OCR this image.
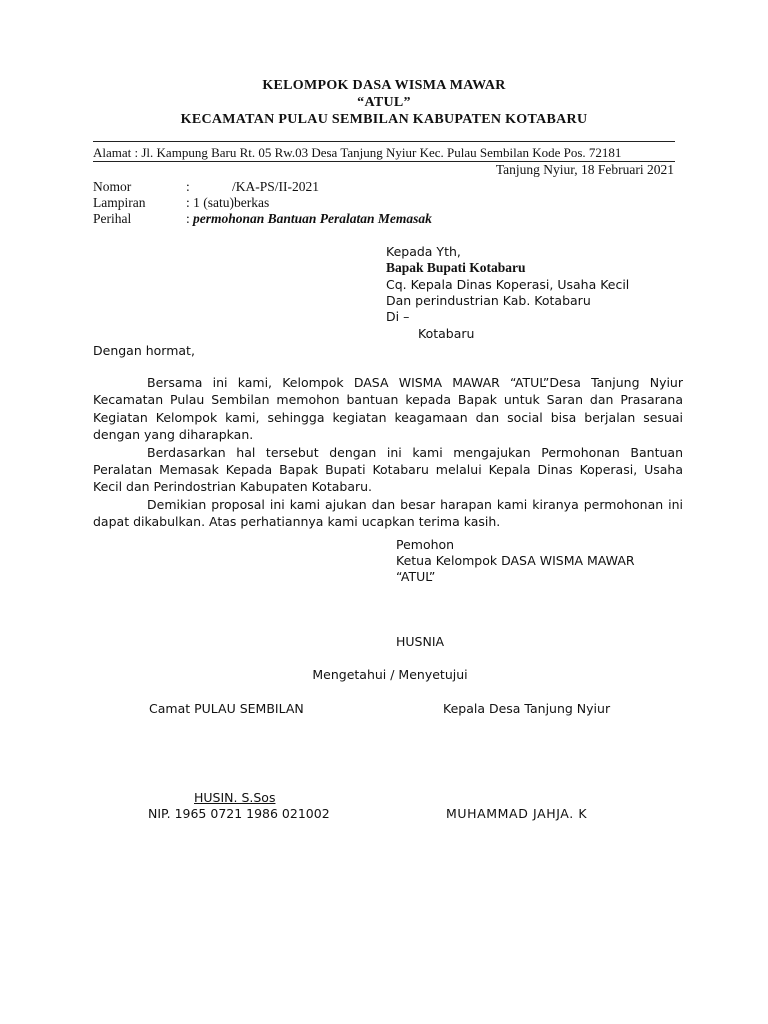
KELOMPOK DASA WISMA MAWAR
“ATUL”
KECAMATAN PULAU SEMBILAN KABUPATEN KOTABARU
Alamat : Jl. Kampung Baru Rt. 05 Rw.03 Desa Tanjung Nyiur Kec. Pulau Sembilan Kode Pos. 72181
Tanjung Nyiur, 18 Februari 2021
Nomor	:	/KA-PS/II-2021
Lampiran	: 1 (satu)berkas
Perihal	: permohonan Bantuan Peralatan Memasak
Kepada Yth,
Bapak Bupati Kotabaru
Cq. Kepala Dinas Koperasi, Usaha Kecil
Dan perindustrian Kab. Kotabaru
Di –
Kotabaru
Dengan hormat,

Bersama ini kami, Kelompok DASA WISMA MAWAR “ATUL”Desa Tanjung Nyiur Kecamatan Pulau Sembilan memohon bantuan kepada Bapak untuk Saran dan Prasarana Kegiatan Kelompok kami, sehingga kegiatan keagamaan dan social bisa berjalan sesuai dengan yang diharapkan.

Berdasarkan hal tersebut dengan ini kami mengajukan Permohonan Bantuan Peralatan Memasak Kepada Bapak Bupati Kotabaru melalui Kepala Dinas Koperasi, Usaha Kecil dan Perindostrian Kabupaten Kotabaru.

Demikian proposal ini kami ajukan dan besar harapan kami kiranya permohonan ini dapat dikabulkan. Atas perhatiannya kami ucapkan terima kasih.

Pemohon
Ketua Kelompok DASA WISMA MAWAR
“ATUL”
HUSNIA
Mengetahui / Menyetujui
Camat PULAU SEMBILAN	Kepala Desa Tanjung Nyiur
HUSIN. S.Sos
NIP. 1965 0721 1986 021002	MUHAMMAD JAHJA. K
